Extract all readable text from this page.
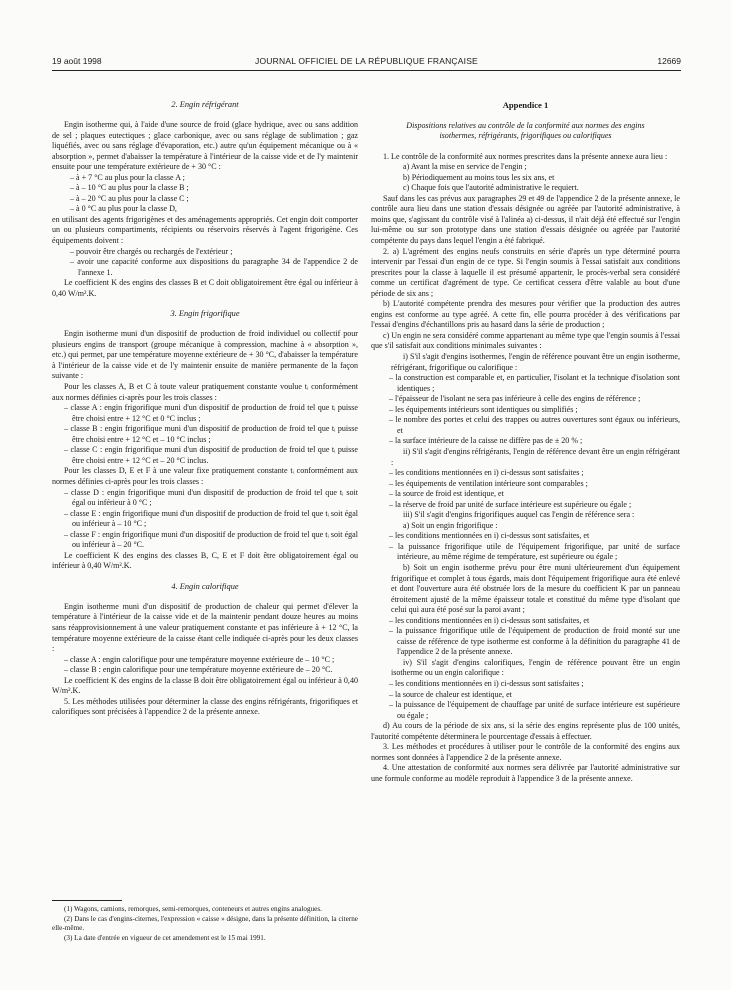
19 août 1998	JOURNAL OFFICIEL DE LA RÉPUBLIQUE FRANÇAISE	12669
2. Engin réfrigérant

Engin isotherme qui, à l'aide d'une source de froid (glace hydrique, avec ou sans addition de sel ; plaques eutectiques ; glace carbonique, avec ou sans réglage de sublimation ; gaz liquéfiés, avec ou sans réglage d'évaporation, etc.) autre qu'un équipement mécanique ou à « absorption », permet d'abaisser la température à l'intérieur de la caisse vide et de l'y maintenir ensuite pour une température extérieure de + 30 °C :

– à + 7 °C au plus pour la classe A ;
– à – 10 °C au plus pour la classe B ;
– à – 20 °C au plus pour la classe C ;
– à 0 °C au plus pour la classe D,

en utilisant des agents frigorigènes et des aménagements appropriés. Cet engin doit comporter un ou plusieurs compartiments, récipients ou réservoirs réservés à l'agent frigorigène. Ces équipements doivent :

– pouvoir être chargés ou rechargés de l'extérieur ;
– avoir une capacité conforme aux dispositions du paragraphe 34 de l'appendice 2 de l'annexe 1.

Le coefficient K des engins des classes B et C doit obligatoirement être égal ou inférieur à 0,40 W/m².K.

3. Engin frigorifique

Engin isotherme muni d'un dispositif de production de froid individuel ou collectif pour plusieurs engins de transport (groupe mécanique à compression, machine à « absorption », etc.) qui permet, par une température moyenne extérieure de + 30 °C, d'abaisser la température à l'intérieur de la caisse vide et de l'y maintenir ensuite de manière permanente de la façon suivante :

Pour les classes A, B et C à toute valeur pratiquement constante voulue tᵢ conformément aux normes définies ci-après pour les trois classes :

– classe A : engin frigorifique muni d'un dispositif de production de froid tel que tᵢ puisse être choisi entre + 12 °C et 0 °C inclus ;
– classe B : engin frigorifique muni d'un dispositif de production de froid tel que tᵢ puisse être choisi entre + 12 °C et – 10 °C inclus ;
– classe C : engin frigorifique muni d'un dispositif de production de froid tel que tᵢ puisse être choisi entre + 12 °C et – 20 °C inclus.

Pour les classes D, E et F à une valeur fixe pratiquement constante tᵢ conformément aux normes définies ci-après pour les trois classes :

– classe D : engin frigorifique muni d'un dispositif de production de froid tel que tᵢ soit égal ou inférieur à 0 °C ;
– classe E : engin frigorifique muni d'un dispositif de production de froid tel que tᵢ soit égal ou inférieur à – 10 °C ;
– classe F : engin frigorifique muni d'un dispositif de production de froid tel que tᵢ soit égal ou inférieur à – 20 °C.

Le coefficient K des engins des classes B, C, E et F doit être obligatoirement égal ou inférieur à 0,40 W/m².K.

4. Engin calorifique

Engin isotherme muni d'un dispositif de production de chaleur qui permet d'élever la température à l'intérieur de la caisse vide et de la maintenir pendant douze heures au moins sans réapprovisionnement à une valeur pratiquement constante et pas inférieure à + 12 °C, la température moyenne extérieure de la caisse étant celle indiquée ci-après pour les deux classes :

– classe A : engin calorifique pour une température moyenne extérieure de – 10 °C ;
– classe B : engin calorifique pour une température moyenne extérieure de – 20 °C.

Le coefficient K des engins de la classe B doit être obligatoirement égal ou inférieur à 0,40 W/m².K.

5. Les méthodes utilisées pour déterminer la classe des engins réfrigérants, frigorifiques et calorifiques sont précisées à l'appendice 2 de la présente annexe.

(1) Wagons, camions, remorques, semi-remorques, conteneurs et autres engins analogues.

(2) Dans le cas d'engins-citernes, l'expression « caisse » désigne, dans la présente définition, la citerne elle-même.

(3) La date d'entrée en vigueur de cet amendement est le 15 mai 1991.

Appendice 1
Dispositions relatives au contrôle de la conformité aux normes des engins isothermes, réfrigérants, frigorifiques ou calorifiques

1. Le contrôle de la conformité aux normes prescrites dans la présente annexe aura lieu :

a) Avant la mise en service de l'engin ;
b) Périodiquement au moins tous les six ans, et
c) Chaque fois que l'autorité administrative le requiert.

Sauf dans les cas prévus aux paragraphes 29 et 49 de l'appendice 2 de la présente annexe, le contrôle aura lieu dans une station d'essais désignée ou agréée par l'autorité administrative, à moins que, s'agissant du contrôle visé à l'alinéa a) ci-dessus, il n'ait déjà été effectué sur l'engin lui-même ou sur son prototype dans une station d'essais désignée ou agréée par l'autorité compétente du pays dans lequel l'engin a été fabriqué.

2. a) L'agrément des engins neufs construits en série d'après un type déterminé pourra intervenir par l'essai d'un engin de ce type. Si l'engin soumis à l'essai satisfait aux conditions prescrites pour la classe à laquelle il est présumé appartenir, le procès-verbal sera considéré comme un certificat d'agrément de type. Ce certificat cessera d'être valable au bout d'une période de six ans ;

b) L'autorité compétente prendra des mesures pour vérifier que la production des autres engins est conforme au type agréé. A cette fin, elle pourra procéder à des vérifications par l'essai d'engins d'échantillons pris au hasard dans la série de production ;

c) Un engin ne sera considéré comme appartenant au même type que l'engin soumis à l'essai que s'il satisfait aux conditions minimales suivantes :

i) S'il s'agit d'engins isothermes, l'engin de référence pouvant être un engin isotherme, réfrigérant, frigorifique ou calorifique :

– la construction est comparable et, en particulier, l'isolant et la technique d'isolation sont identiques ;
– l'épaisseur de l'isolant ne sera pas inférieure à celle des engins de référence ;
– les équipements intérieurs sont identiques ou simplifiés ;
– le nombre des portes et celui des trappes ou autres ouvertures sont égaux ou inférieurs, et
– la surface intérieure de la caisse ne diffère pas de ± 20 % ;

ii) S'il s'agit d'engins réfrigérants, l'engin de référence devant être un engin réfrigérant :

– les conditions mentionnées en i) ci-dessus sont satisfaites ;
– les équipements de ventilation intérieure sont comparables ;
– la source de froid est identique, et
– la réserve de froid par unité de surface intérieure est supérieure ou égale ;

iii) S'il s'agit d'engins frigorifiques auquel cas l'engin de référence sera :

a) Soit un engin frigorifique :

– les conditions mentionnées en i) ci-dessus sont satisfaites, et
– la puissance frigorifique utile de l'équipement frigorifique, par unité de surface intérieure, au même régime de température, est supérieure ou égale ;

b) Soit un engin isotherme prévu pour être muni ultérieurement d'un équipement frigorifique et complet à tous égards, mais dont l'équipement frigorifique aura été enlevé et dont l'ouverture aura été obstruée lors de la mesure du coefficient K par un panneau étroitement ajusté de la même épaisseur totale et constitué du même type d'isolant que celui qui aura été posé sur la paroi avant ;

– les conditions mentionnées en i) ci-dessus sont satisfaites, et
– la puissance frigorifique utile de l'équipement de production de froid monté sur une caisse de référence de type isotherme est conforme à la définition du paragraphe 41 de l'appendice 2 de la présente annexe.

iv) S'il s'agit d'engins calorifiques, l'engin de référence pouvant être un engin isotherme ou un engin calorifique :

– les conditions mentionnées en i) ci-dessus sont satisfaites ;
– la source de chaleur est identique, et
– la puissance de l'équipement de chauffage par unité de surface intérieure est supérieure ou égale ;

d) Au cours de la période de six ans, si la série des engins représente plus de 100 unités, l'autorité compétente déterminera le pourcentage d'essais à effectuer.

3. Les méthodes et procédures à utiliser pour le contrôle de la conformité des engins aux normes sont données à l'appendice 2 de la présente annexe.

4. Une attestation de conformité aux normes sera délivrée par l'autorité administrative sur une formule conforme au modèle reproduit à l'appendice 3 de la présente annexe.
